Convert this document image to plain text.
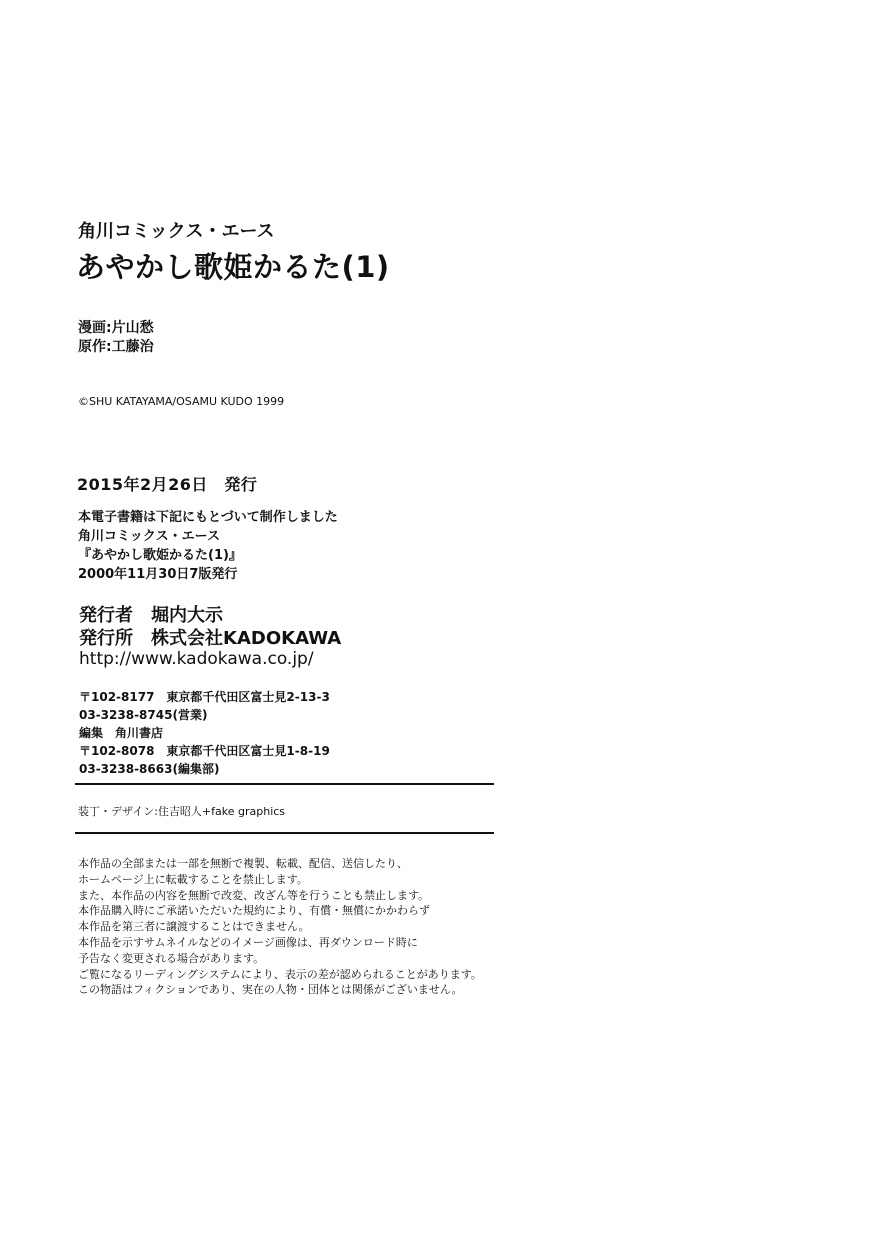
角川コミックス・エース
あやかし歌姫かるた(1)
漫画:片山愁
原作:工藤治
©SHU KATAYAMA/OSAMU KUDO 1999
2015年2月26日　発行
本電子書籍は下記にもとづいて制作しました
角川コミックス・エース
『あやかし歌姫かるた(1)』
2000年11月30日7版発行
発行者　堀内大示
発行所　株式会社KADOKAWA
http://www.kadokawa.co.jp/
〒102-8177　東京都千代田区富士見2-13-3
03-3238-8745(営業)
編集　角川書店
〒102-8078　東京都千代田区富士見1-8-19
03-3238-8663(編集部)
装丁・デザイン:住吉昭人+fake graphics
本作品の全部または一部を無断で複製、転載、配信、送信したり、
ホームページ上に転載することを禁止します。
また、本作品の内容を無断で改変、改ざん等を行うことも禁止します。
本作品購入時にご承諾いただいた規約により、有償・無償にかかわらず
本作品を第三者に譲渡することはできません。
本作品を示すサムネイルなどのイメージ画像は、再ダウンロード時に
予告なく変更される場合があります。
ご覧になるリーディングシステムにより、表示の差が認められることがあります。
この物語はフィクションであり、実在の人物・団体とは関係がございません。
